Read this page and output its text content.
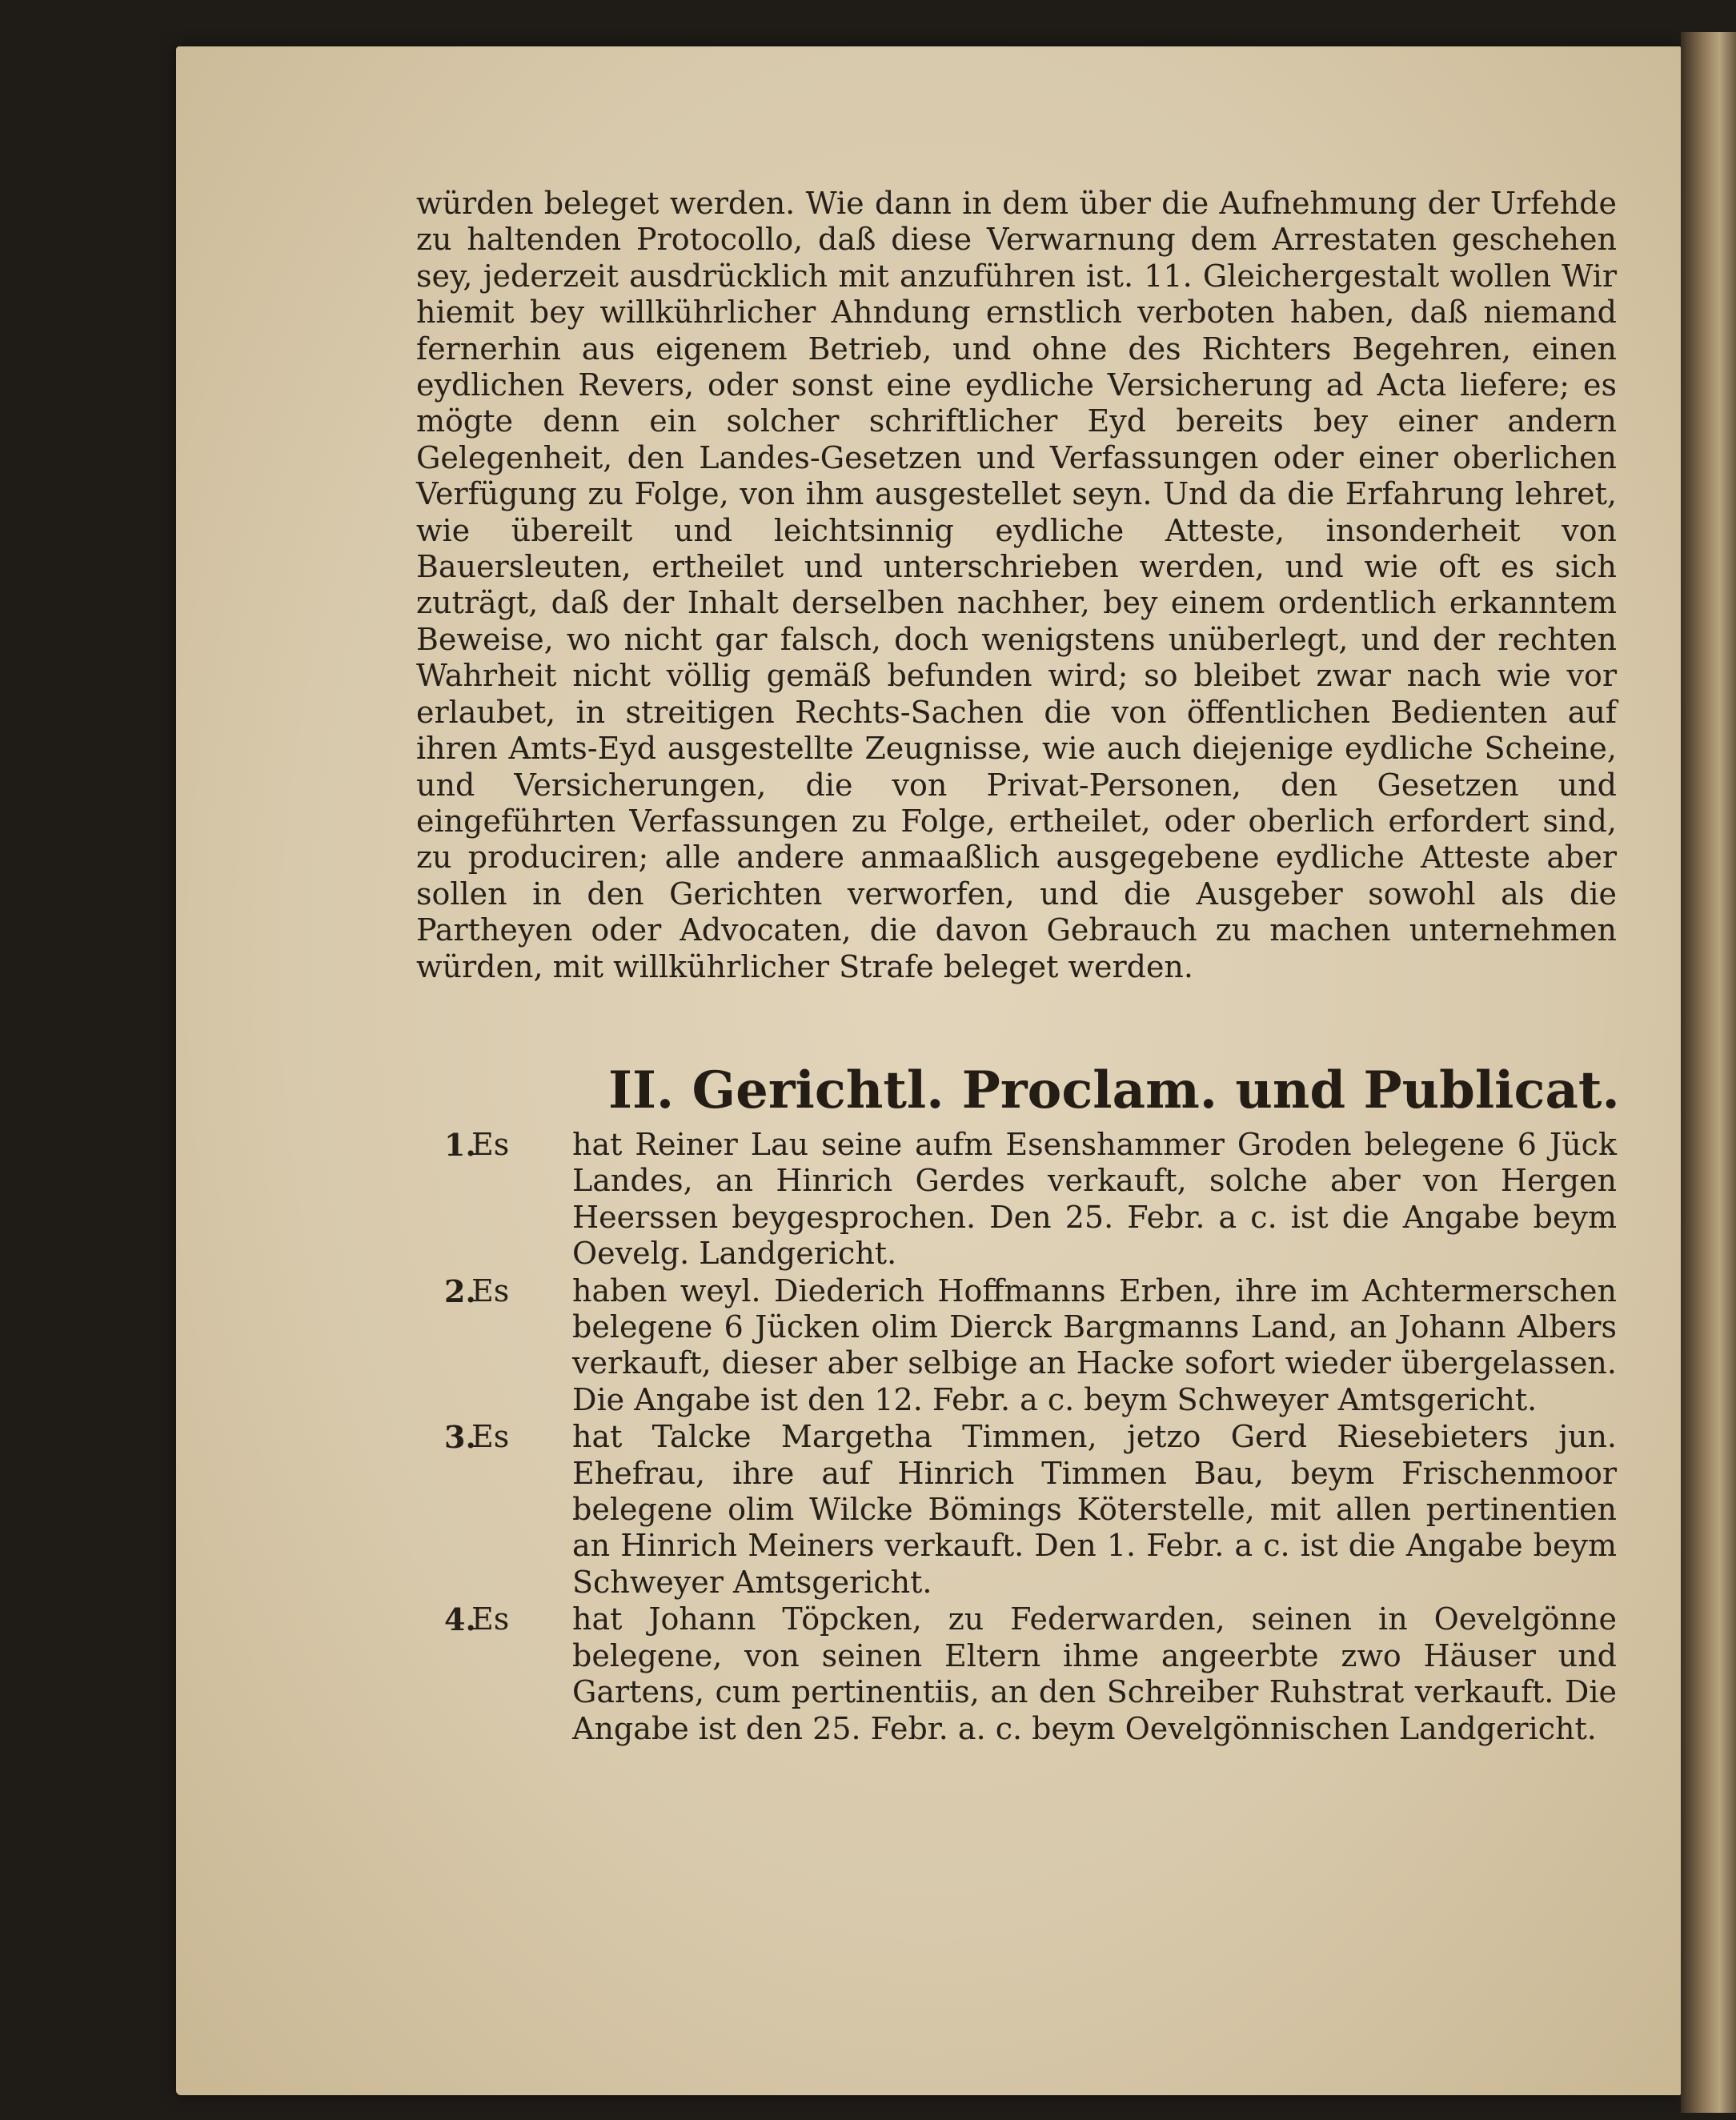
würden beleget werden. Wie dann in dem über die Aufnehmung der Urfehde zu haltenden Protocollo, daß diese Verwarnung dem Arrestaten geschehen sey, jederzeit ausdrücklich mit anzuführen ist. 11. Gleichergestalt wollen Wir hiemit bey willkührlicher Ahndung ernstlich verboten haben, daß niemand fernerhin aus eigenem Betrieb, und ohne des Richters Begehren, einen eydlichen Revers, oder sonst eine eydliche Versicherung ad Acta liefere; es mögte denn ein solcher schriftlicher Eyd bereits bey einer andern Gelegenheit, den Landes-Gesetzen und Verfassungen oder einer oberlichen Verfügung zu Folge, von ihm ausgestellet seyn. Und da die Erfahrung lehret, wie übereilt und leichtsinnig eydliche Atteste, insonderheit von Bauersleuten, ertheilet und unterschrieben werden, und wie oft es sich zuträgt, daß der Inhalt derselben nachher, bey einem ordentlich erkanntem Beweise, wo nicht gar falsch, doch wenigstens unüberlegt, und der rechten Wahrheit nicht völlig gemäß befunden wird; so bleibet zwar nach wie vor erlaubet, in streitigen Rechts-Sachen die von öffentlichen Bedienten auf ihren Amts-Eyd ausgestellte Zeugnisse, wie auch diejenige eydliche Scheine, und Versicherungen, die von Privat-Personen, den Gesetzen und eingeführten Verfassungen zu Folge, ertheilet, oder oberlich erfordert sind, zu produciren; alle andere anmaaßlich ausgegebene eydliche Atteste aber sollen in den Gerichten verworfen, und die Ausgeber sowohl als die Partheyen oder Advocaten, die davon Gebrauch zu machen unternehmen würden, mit willkührlicher Strafe beleget werden.

II. Gerichtl. Proclam. und Publicat.
1.
Es hat Reiner Lau seine aufm Esenshammer Groden belegene 6 Jück Landes, an Hinrich Gerdes verkauft, solche aber von Hergen Heerssen beygesprochen. Den 25. Febr. a c. ist die Angabe beym Oevelg. Landgericht.
2.
Es haben weyl. Diederich Hoffmanns Erben, ihre im Achtermerschen belegene 6 Jücken olim Dierck Bargmanns Land, an Johann Albers verkauft, dieser aber selbige an Hacke sofort wieder übergelassen. Die Angabe ist den 12. Febr. a c. beym Schweyer Amtsgericht.
3.
Es hat Talcke Margetha Timmen, jetzo Gerd Riesebieters jun. Ehefrau, ihre auf Hinrich Timmen Bau, beym Frischenmoor belegene olim Wilcke Bömings Köterstelle, mit allen pertinentien an Hinrich Meiners verkauft. Den 1. Febr. a c. ist die Angabe beym Schweyer Amtsgericht.
4.
Es hat Johann Töpcken, zu Federwarden, seinen in Oevelgönne belegene, von seinen Eltern ihme angeerbte zwo Häuser und Gartens, cum pertinentiis, an den Schreiber Ruhstrat verkauft. Die Angabe ist den 25. Febr. a. c. beym Oevelgönnischen Landgericht.
